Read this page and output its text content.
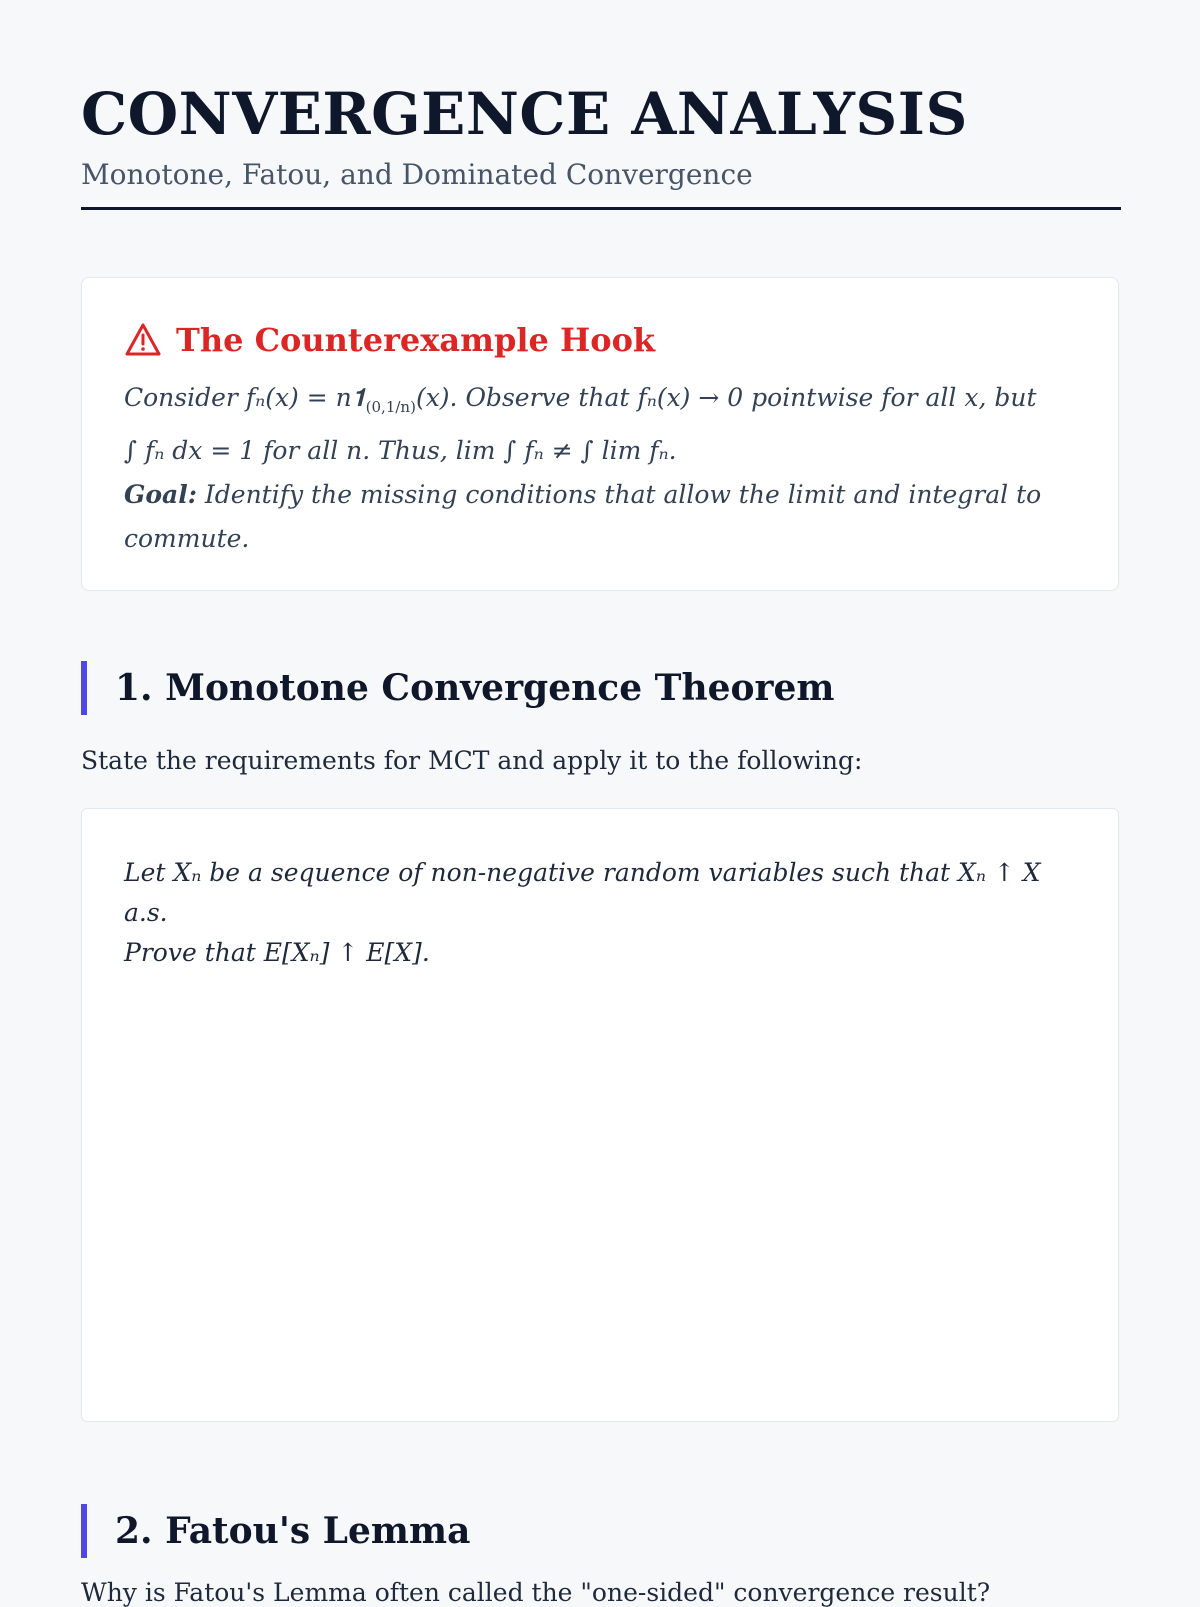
CONVERGENCE ANALYSIS
Monotone, Fatou, and Dominated Convergence
The Counterexample Hook
Consider $f_n(x) = n𝟏_{(0,1/n)}(x)$. Observe that fₙ(x) → 0 pointwise for all x, but
∫ fₙ dx = 1 for all n. Thus, lim ∫ fₙ ≠ ∫ lim fₙ.
Goal: Identify the missing conditions that allow the limit and integral to commute.
1. Monotone Convergence Theorem
State the requirements for MCT and apply it to the following:
Let Xₙ be a sequence of non-negative random variables such that Xₙ ↑ X a.s.
Prove that E[Xₙ] ↑ E[X].
2. Fatou's Lemma
Why is Fatou's Lemma often called the "one-sided" convergence result?
